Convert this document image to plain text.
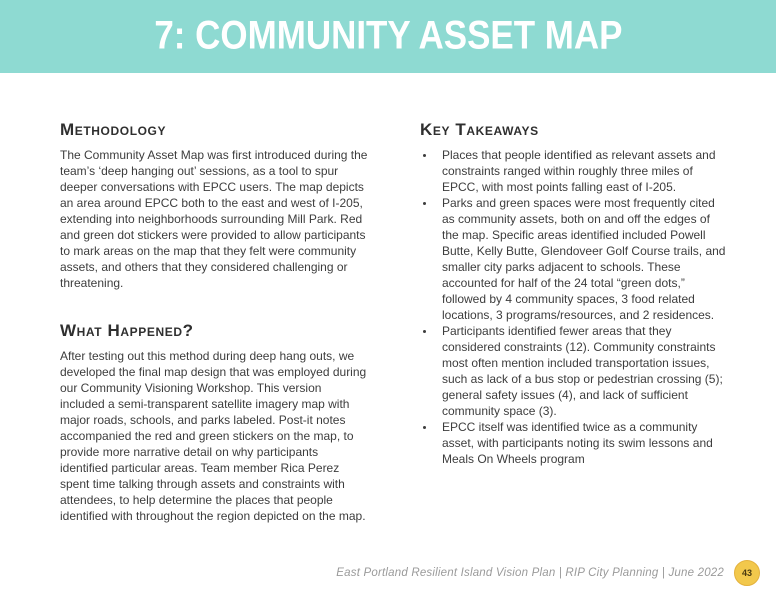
7: COMMUNITY ASSET MAP
Methodology

The Community Asset Map was first introduced during the team’s ‘deep hanging out’ sessions, as a tool to spur deeper conversations with EPCC users. The map depicts an area around EPCC both to the east and west of I-205, extending into neighborhoods surrounding Mill Park. Red and green dot stickers were provided to allow participants to mark areas on the map that they felt were community assets, and others that they considered challenging or threatening.

What Happened?

After testing out this method during deep hang outs, we developed the final map design that was employed during our Community Visioning Workshop. This version included a semi-transparent satellite imagery map with major roads, schools, and parks labeled. Post-it notes accompanied the red and green stickers on the map, to provide more narrative detail on why participants identified particular areas. Team member Rica Perez spent time talking through assets and constraints with attendees, to help determine the places that people identified with throughout the region depicted on the map.

Key Takeaways
• Places that people identified as relevant assets and constraints ranged within roughly three miles of EPCC, with most points falling east of I-205.
• Parks and green spaces were most frequently cited as community assets, both on and off the edges of the map. Specific areas identified included Powell Butte, Kelly Butte, Glendoveer Golf Course trails, and smaller city parks adjacent to schools. These accounted for half of the 24 total “green dots,” followed by 4 community spaces, 3 food related locations, 3 programs/resources, and 2 residences.
• Participants identified fewer areas that they considered constraints (12). Community constraints most often mention included transportation issues, such as lack of a bus stop or pedestrian crossing (5); general safety issues (4), and lack of sufficient community space (3).
• EPCC itself was identified twice as a community asset, with participants noting its swim lessons and Meals On Wheels program
East Portland Resilient Island Vision Plan | RIP City Planning | June 2022	43
